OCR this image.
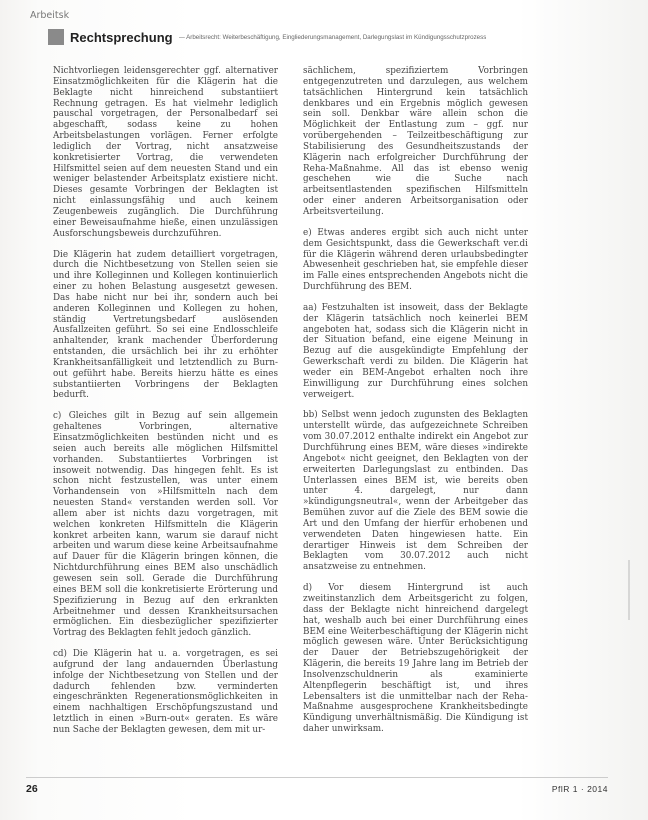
Arbeitsk
Rechtsprechung — Arbeitsrecht: Weiterbeschäftigung, Eingliederungsmanagement, Darlegungslast im Kündigungsschutzprozess

Nichtvorliegen leidensgerechter ggf. alternativer Einsatzmöglichkeiten für die Klägerin hat die Beklagte nicht hinreichend substantiiert Rechnung getragen. Es hat vielmehr lediglich pauschal vorgetragen, der Personalbedarf sei abgeschafft, sodass keine zu hohen Arbeitsbelastungen vorlägen. Ferner erfolgte lediglich der Vortrag, nicht ansatzweise konkretisierter Vortrag, die verwendeten Hilfsmittel seien auf dem neuesten Stand und ein weniger belastender Arbeitsplatz existiere nicht. Dieses gesamte Vorbringen der Beklagten ist nicht einlassungsfähig und auch keinem Zeugenbeweis zugänglich. Die Durchführung einer Beweisaufnahme hieße, einen unzulässigen Ausforschungsbeweis durchzuführen.

Die Klägerin hat zudem detailliert vorgetragen, durch die Nichtbesetzung von Stellen seien sie und ihre Kolleginnen und Kollegen kontinuierlich einer zu hohen Belastung ausgesetzt gewesen. Das habe nicht nur bei ihr, sondern auch bei anderen Kolleginnen und Kollegen zu hohen, ständig Vertretungsbedarf auslösenden Ausfallzeiten geführt. So sei eine Endlosschleife anhaltender, krank machender Überforderung entstanden, die ursächlich bei ihr zu erhöhter Krankheitsanfälligkeit und letztendlich zu Burn-out geführt habe. Bereits hierzu hätte es eines substantiierten Vorbringens der Beklagten bedurft.

c) Gleiches gilt in Bezug auf sein allgemein gehaltenes Vorbringen, alternative Einsatzmöglichkeiten bestünden nicht und es seien auch bereits alle möglichen Hilfsmittel vorhanden. Substantiiertes Vorbringen ist insoweit notwendig. Das hingegen fehlt. Es ist schon nicht festzustellen, was unter einem Vorhandensein von »Hilfsmitteln nach dem neuesten Stand« verstanden werden soll. Vor allem aber ist nichts dazu vorgetragen, mit welchen konkreten Hilfsmitteln die Klägerin konkret arbeiten kann, warum sie darauf nicht arbeiten und warum diese keine Arbeitsaufnahme auf Dauer für die Klägerin bringen können, die Nichtdurchführung eines BEM also unschädlich gewesen sein soll. Gerade die Durchführung eines BEM soll die konkretisierte Erörterung und Spezifizierung in Bezug auf den erkrankten Arbeitnehmer und dessen Krankheitsursachen ermöglichen. Ein diesbezüglicher spezifizierter Vortrag des Beklagten fehlt jedoch gänzlich.

cd) Die Klägerin hat u. a. vorgetragen, es sei aufgrund der lang andauernden Überlastung infolge der Nichtbesetzung von Stellen und der dadurch fehlenden bzw. verminderten eingeschränkten Regenerationsmöglichkeiten in einem nachhaltigen Erschöpfungszustand und letztlich in einen »Burn-out« geraten. Es wäre nun Sache der Beklagten gewesen, dem mit ur-

sächlichem, spezifiziertem Vorbringen entgegenzutreten und darzulegen, aus welchem tatsächlichen Hintergrund kein tatsächlich denkbares und ein Ergebnis möglich gewesen sein soll. Denkbar wäre allein schon die Möglichkeit der Entlastung zum – ggf. nur vorübergehenden – Teilzeitbeschäftigung zur Stabilisierung des Gesundheitszustands der Klägerin nach erfolgreicher Durchführung der Reha-Maßnahme. All das ist ebenso wenig geschehen wie die Suche nach arbeitsentlastenden spezifischen Hilfsmitteln oder einer anderen Arbeitsorganisation oder Arbeitsverteilung.

e) Etwas anderes ergibt sich auch nicht unter dem Gesichtspunkt, dass die Gewerkschaft ver.di für die Klägerin während deren urlaubsbedingter Abwesenheit geschrieben hat, sie empfehle dieser im Falle eines entsprechenden Angebots nicht die Durchführung des BEM.

aa) Festzuhalten ist insoweit, dass der Beklagte der Klägerin tatsächlich noch keinerlei BEM angeboten hat, sodass sich die Klägerin nicht in der Situation befand, eine eigene Meinung in Bezug auf die ausgekündigte Empfehlung der Gewerkschaft verdi zu bilden. Die Klägerin hat weder ein BEM-Angebot erhalten noch ihre Einwilligung zur Durchführung eines solchen verweigert.

bb) Selbst wenn jedoch zugunsten des Beklagten unterstellt würde, das aufgezeichnete Schreiben vom 30.07.2012 enthalte indirekt ein Angebot zur Durchführung eines BEM, wäre dieses »indirekte Angebot« nicht geeignet, den Beklagten von der erweiterten Darlegungslast zu entbinden. Das Unterlassen eines BEM ist, wie bereits oben unter 4. dargelegt, nur dann »kündigungsneutral«, wenn der Arbeitgeber das Bemühen zuvor auf die Ziele des BEM sowie die Art und den Umfang der hierfür erhobenen und verwendeten Daten hingewiesen hatte. Ein derartiger Hinweis ist dem Schreiben der Beklagten vom 30.07.2012 auch nicht ansatzweise zu entnehmen.

d) Vor diesem Hintergrund ist auch zweitinstanzlich dem Arbeitsgericht zu folgen, dass der Beklagte nicht hinreichend dargelegt hat, weshalb auch bei einer Durchführung eines BEM eine Weiterbeschäftigung der Klägerin nicht möglich gewesen wäre. Unter Berücksichtigung der Dauer der Betriebszugehörigkeit der Klägerin, die bereits 19 Jahre lang im Betrieb der Insolvenzschuldnerin als examinierte Altenpflegerin beschäftigt ist, und ihres Lebensalters ist die unmittelbar nach der Reha-Maßnahme ausgesprochene Krankheitsbedingte Kündigung unverhältnismäßig. Die Kündigung ist daher unwirksam.

26	PflR 1 · 2014
